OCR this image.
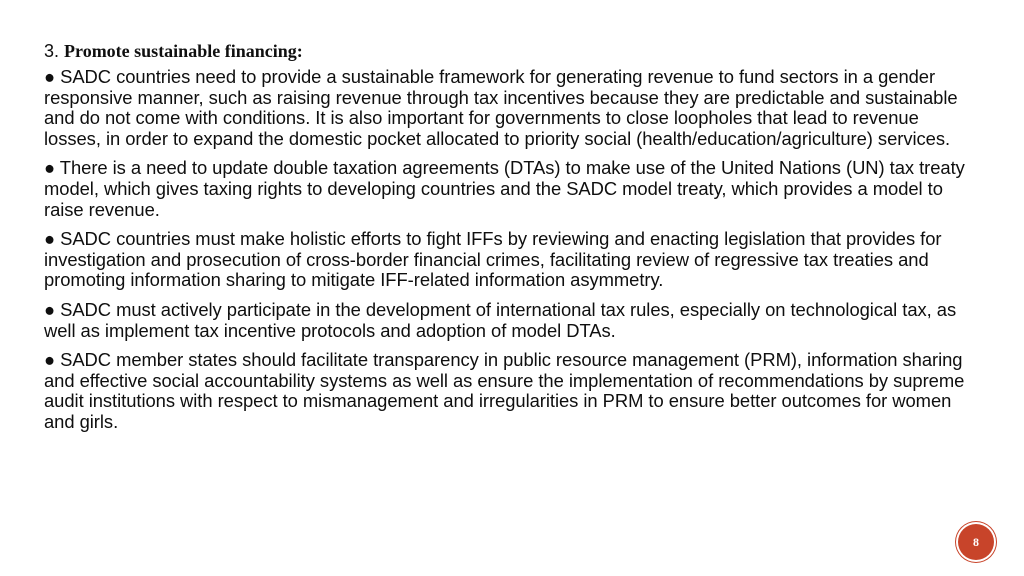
3. Promote sustainable financing:

● SADC countries need to provide a sustainable framework for generating revenue to fund sectors in a gender responsive manner, such as raising revenue through tax incentives because they are predictable and sustainable and do not come with conditions. It is also important for governments to close loopholes that lead to revenue losses, in order to expand the domestic pocket allocated to priority social (health/education/agriculture) services.

● There is a need to update double taxation agreements (DTAs) to make use of the United Nations (UN) tax treaty model, which gives taxing rights to developing countries and the SADC model treaty, which provides a model to raise revenue.

● SADC countries must make holistic efforts to fight IFFs by reviewing and enacting legislation that provides for investigation and prosecution of cross-border financial crimes, facilitating review of regressive tax treaties and promoting information sharing to mitigate IFF-related information asymmetry.

● SADC must actively participate in the development of international tax rules, especially on technological tax, as well as implement tax incentive protocols and adoption of model DTAs.

● SADC member states should facilitate transparency in public resource management (PRM), information sharing and effective social accountability systems as well as ensure the implementation of recommendations by supreme audit institutions with respect to mismanagement and irregularities in PRM to ensure better outcomes for women and girls.

8
